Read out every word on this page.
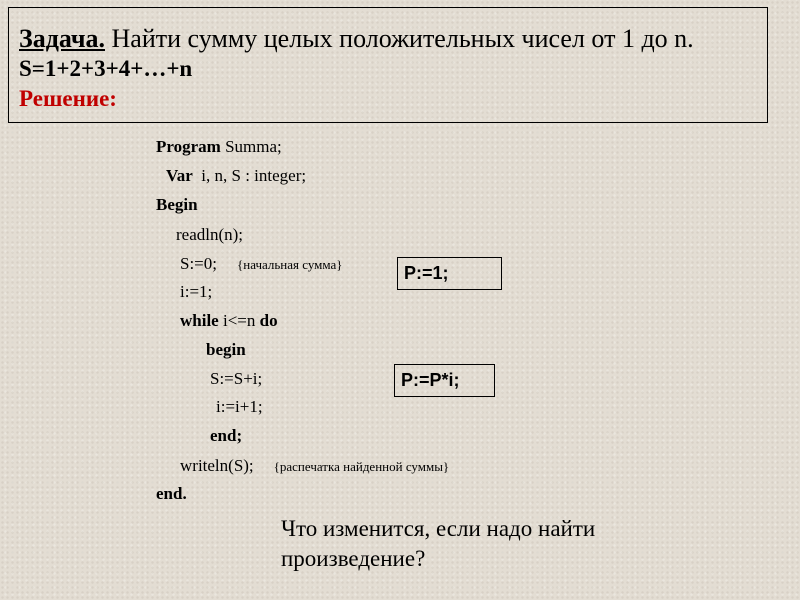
Задача. Найти сумму целых положительных чисел от 1 до n.
S=1+2+3+4+…+n
Решение:
Program Summa;
Var  i, n, S : integer;
Begin
readln(n);
S:=0; {начальная сумма}
i:=1;
while i<=n do
begin
S:=S+i;
i:=i+1;
end;
writeln(S); {распечатка найденной суммы}
end.
P:=1;
P:=P*i;
Что изменится, если надо найти произведение?
